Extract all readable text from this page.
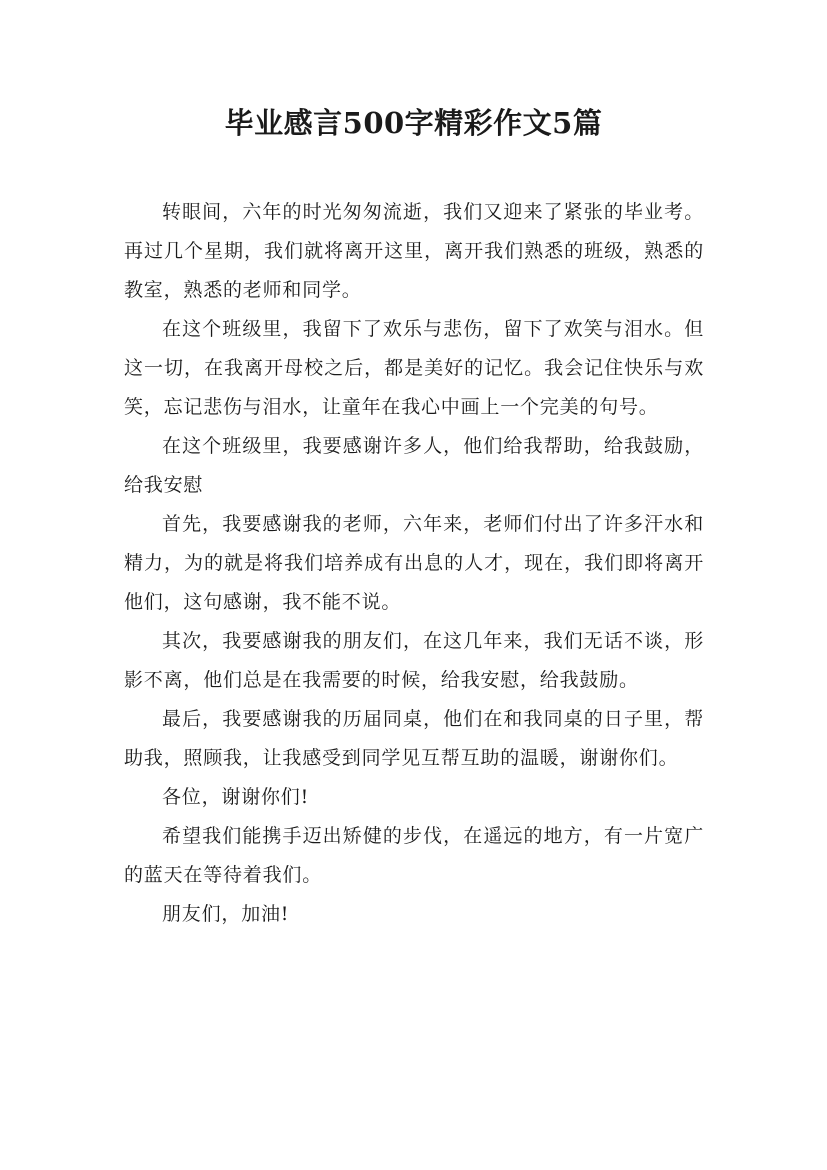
毕业感言500字精彩作文5篇

转眼间，六年的时光匆匆流逝，我们又迎来了紧张的毕业考。再过几个星期，我们就将离开这里，离开我们熟悉的班级，熟悉的教室，熟悉的老师和同学。

在这个班级里，我留下了欢乐与悲伤，留下了欢笑与泪水。但这一切，在我离开母校之后，都是美好的记忆。我会记住快乐与欢笑，忘记悲伤与泪水，让童年在我心中画上一个完美的句号。

在这个班级里，我要感谢许多人，他们给我帮助，给我鼓励，给我安慰

首先，我要感谢我的老师，六年来，老师们付出了许多汗水和精力，为的就是将我们培养成有出息的人才，现在，我们即将离开他们，这句感谢，我不能不说。

其次，我要感谢我的朋友们，在这几年来，我们无话不谈，形影不离，他们总是在我需要的时候，给我安慰，给我鼓励。

最后，我要感谢我的历届同桌，他们在和我同桌的日子里，帮助我，照顾我，让我感受到同学见互帮互助的温暖，谢谢你们。

各位，谢谢你们!

希望我们能携手迈出矫健的步伐，在遥远的地方，有一片宽广的蓝天在等待着我们。

朋友们，加油!
